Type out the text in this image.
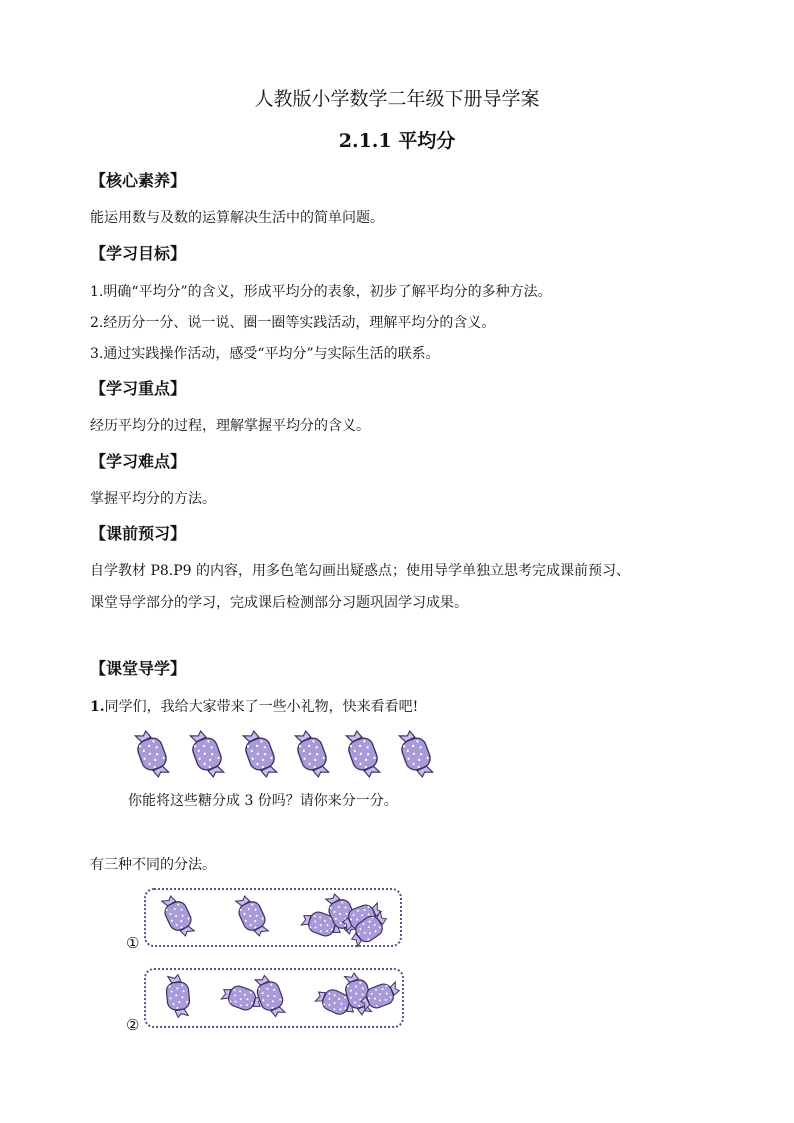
人教版小学数学二年级下册导学案
2.1.1 平均分
【核心素养】
能运用数与及数的运算解决生活中的简单问题。
【学习目标】
1.明确“平均分”的含义，形成平均分的表象，初步了解平均分的多种方法。
2.经历分一分、说一说、圈一圈等实践活动，理解平均分的含义。
3.通过实践操作活动，感受“平均分”与实际生活的联系。
【学习重点】
经历平均分的过程，理解掌握平均分的含义。
【学习难点】
掌握平均分的方法。
【课前预习】
自学教材 P8.P9 的内容，用多色笔勾画出疑惑点；使用导学单独立思考完成课前预习、
课堂导学部分的学习，完成课后检测部分习题巩固学习成果。
【课堂导学】
1.同学们，我给大家带来了一些小礼物，快来看看吧!
你能将这些糖分成 3 份吗？请你来分一分。
有三种不同的分法。
①
②
